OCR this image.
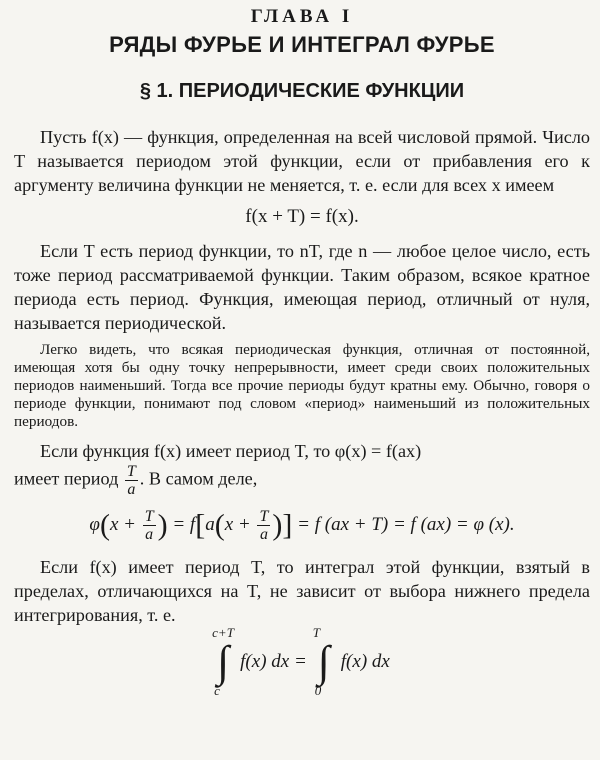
ГЛАВА I
РЯДЫ ФУРЬЕ И ИНТЕГРАЛ ФУРЬЕ
§ 1. ПЕРИОДИЧЕСКИЕ ФУНКЦИИ

Пусть f(x) — функция, определенная на всей числовой прямой. Число T называется периодом этой функции, если от прибавления его к аргументу величина функции не меняется, т. е. если для всех x имеем

f(x + T) = f(x).

Если T есть период функции, то nT, где n — любое целое число, есть тоже период рассматриваемой функции. Таким образом, всякое кратное периода есть период. Функция, имеющая период, отличный от нуля, называется периодической.

Легко видеть, что всякая периодическая функция, отличная от постоянной, имеющая хотя бы одну точку непрерывности, имеет среди своих положительных периодов наименьший. Тогда все прочие периоды будут кратны ему. Обычно, говоря о периоде функции, понимают под словом «период» наименьший из положительных периодов.

Если функция f(x) имеет период T, то φ(x) = f(ax)
имеет период $\frac{T}{a}$ . В самом деле,

$\varphi(x + \frac{T}{a}$ ) = $f[a(x + \frac{T}{a}$ )] = f (ax + T) = f (ax) = φ (x).

Если f(x) имеет период T, то интеграл этой функции, взятый в пределах, отличающихся на T, не зависит от выбора нижнего предела интегрирования, т. е.

c+T
∫
c
f(x) dx =
T
∫
0
f(x) dx
